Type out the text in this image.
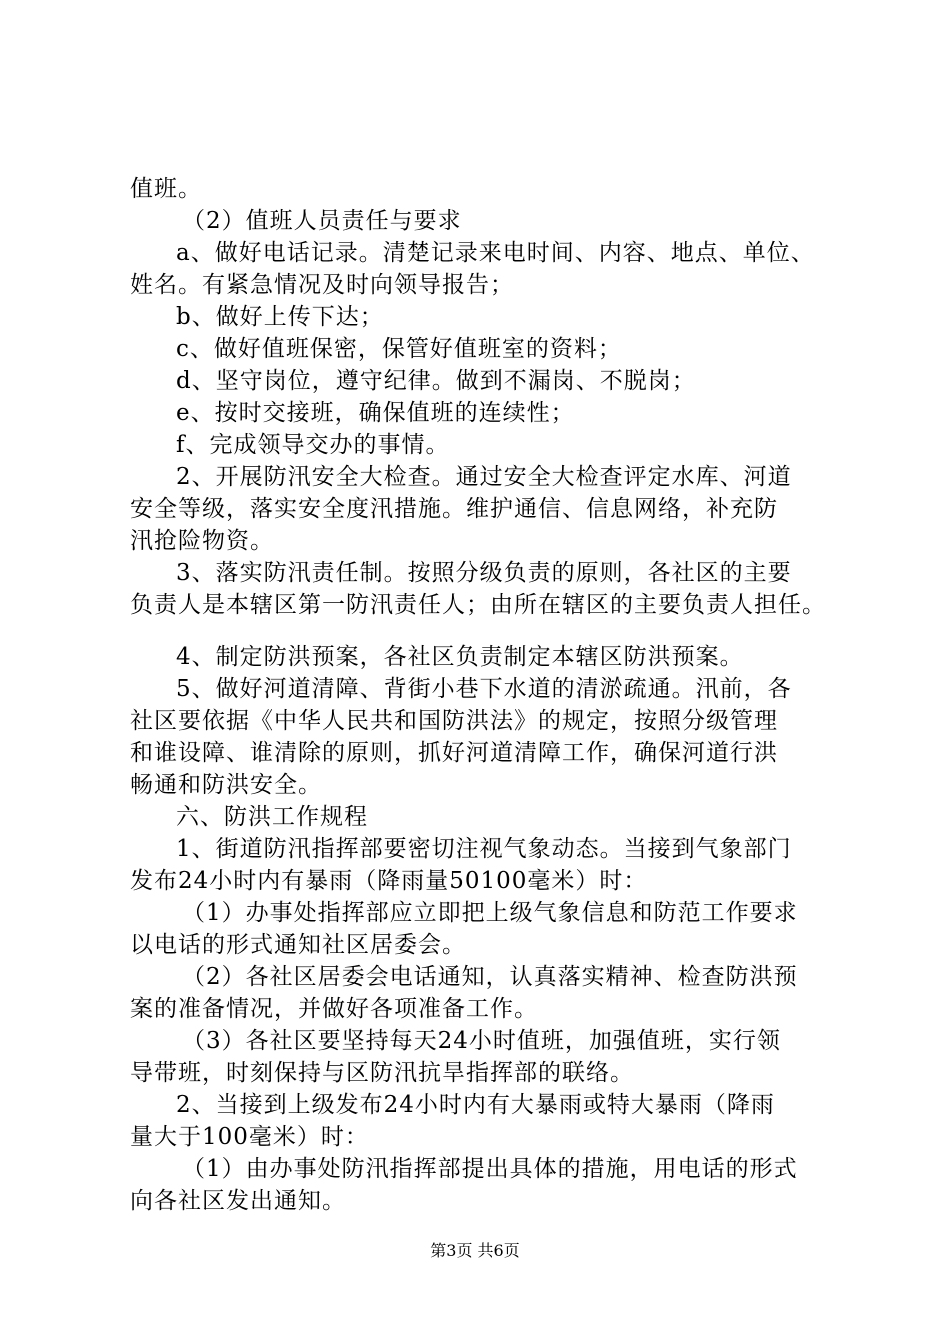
值班。
（2）值班人员责任与要求
a、做好电话记录。清楚记录来电时间、内容、地点、单位、
姓名。有紧急情况及时向领导报告；
b、做好上传下达；
c、做好值班保密，保管好值班室的资料；
d、坚守岗位，遵守纪律。做到不漏岗、不脱岗；
e、按时交接班，确保值班的连续性；
f、完成领导交办的事情。
2、开展防汛安全大检查。通过安全大检查评定水库、河道
安全等级，落实安全度汛措施。维护通信、信息网络，补充防
汛抢险物资。
3、落实防汛责任制。按照分级负责的原则，各社区的主要
负责人是本辖区第一防汛责任人；由所在辖区的主要负责人担任。
4、制定防洪预案，各社区负责制定本辖区防洪预案。
5、做好河道清障、背街小巷下水道的清淤疏通。汛前，各
社区要依据《中华人民共和国防洪法》的规定，按照分级管理
和谁设障、谁清除的原则，抓好河道清障工作，确保河道行洪
畅通和防洪安全。
六、防洪工作规程
1、街道防汛指挥部要密切注视气象动态。当接到气象部门
发布24小时内有暴雨（降雨量50100毫米）时：
（1）办事处指挥部应立即把上级气象信息和防范工作要求
以电话的形式通知社区居委会。
（2）各社区居委会电话通知，认真落实精神、检查防洪预
案的准备情况，并做好各项准备工作。
（3）各社区要坚持每天24小时值班，加强值班，实行领
导带班，时刻保持与区防汛抗旱指挥部的联络。
2、当接到上级发布24小时内有大暴雨或特大暴雨（降雨
量大于100毫米）时：
（1）由办事处防汛指挥部提出具体的措施，用电话的形式
向各社区发出通知。
第3页 共6页
